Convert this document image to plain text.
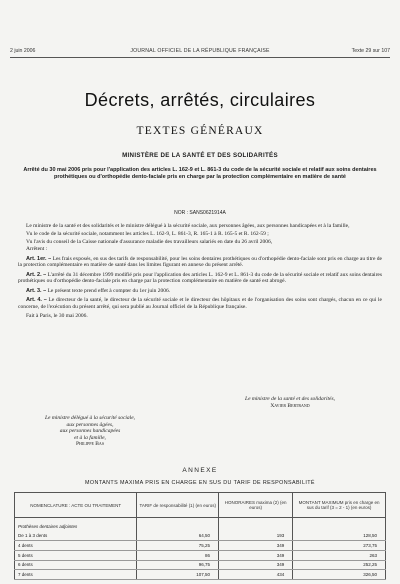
2 juin 2006	JOURNAL OFFICIEL DE LA RÉPUBLIQUE FRANÇAISE	Texte 29 sur 107
Décrets, arrêtés, circulaires
TEXTES GÉNÉRAUX
MINISTÈRE DE LA SANTÉ ET DES SOLIDARITÉS
Arrêté du 30 mai 2006 pris pour l'application des articles L. 162-9 et L. 861-3 du code de la sécurité sociale et relatif aux soins dentaires prothétiques ou d'orthopédie dento-faciale pris en charge par la protection complémentaire en matière de santé
NOR : SANS0621914A

Le ministre de la santé et des solidarités et le ministre délégué à la sécurité sociale, aux personnes âgées, aux personnes handicapées et à la famille,

Vu le code de la sécurité sociale, notamment les articles L. 162-9, L. 861-3, R. 165-1 à R. 165-5 et R. 162-59 ;

Vu l'avis du conseil de la Caisse nationale d'assurance maladie des travailleurs salariés en date du 26 avril 2006,

Arrêtent :

Art. 1er. – Les frais exposés, en sus des tarifs de responsabilité, pour les soins dentaires prothétiques ou d'orthopédie dento-faciale sont pris en charge au titre de la protection complémentaire en matière de santé dans les limites figurant en annexe du présent arrêté.

Art. 2. – L'arrêté du 31 décembre 1999 modifié pris pour l'application des articles L. 162-9 et L. 861-3 du code de la sécurité sociale et relatif aux soins dentaires prothétiques ou d'orthopédie dento-faciale pris en charge par la protection complémentaire en matière de santé est abrogé.

Art. 3. – Le présent texte prend effet à compter du 1er juin 2006.

Art. 4. – Le directeur de la santé, le directeur de la sécurité sociale et le directeur des hôpitaux et de l'organisation des soins sont chargés, chacun en ce qui le concerne, de l'exécution du présent arrêté, qui sera publié au Journal officiel de la République française.

Fait à Paris, le 30 mai 2006.

Le ministre de la santé et des solidarités,
Xavier Bertrand
Le ministre délégué à la sécurité sociale,
aux personnes âgées,
aux personnes handicapées
et à la famille,
Philippe Bas
ANNEXE
MONTANTS MAXIMA PRIS EN CHARGE EN SUS DU TARIF DE RESPONSABILITÉ
NOMENCLATURE : ACTE OU TRAITEMENT	TARIF de responsabilité (1) (en euros)	HONORAIRES maxima (2) (en euros)	MONTANT MAXIMUM pris en charge en sus du tarif (3 = 2 - 1) (en euros)
Prothèses dentaires adjointes			
De 1 à 3 dents	64,50	193	128,50
4 dents	75,25	349	273,75
5 dents	86	349	263
6 dents	96,75	349	252,25
7 dents	107,50	434	326,50
